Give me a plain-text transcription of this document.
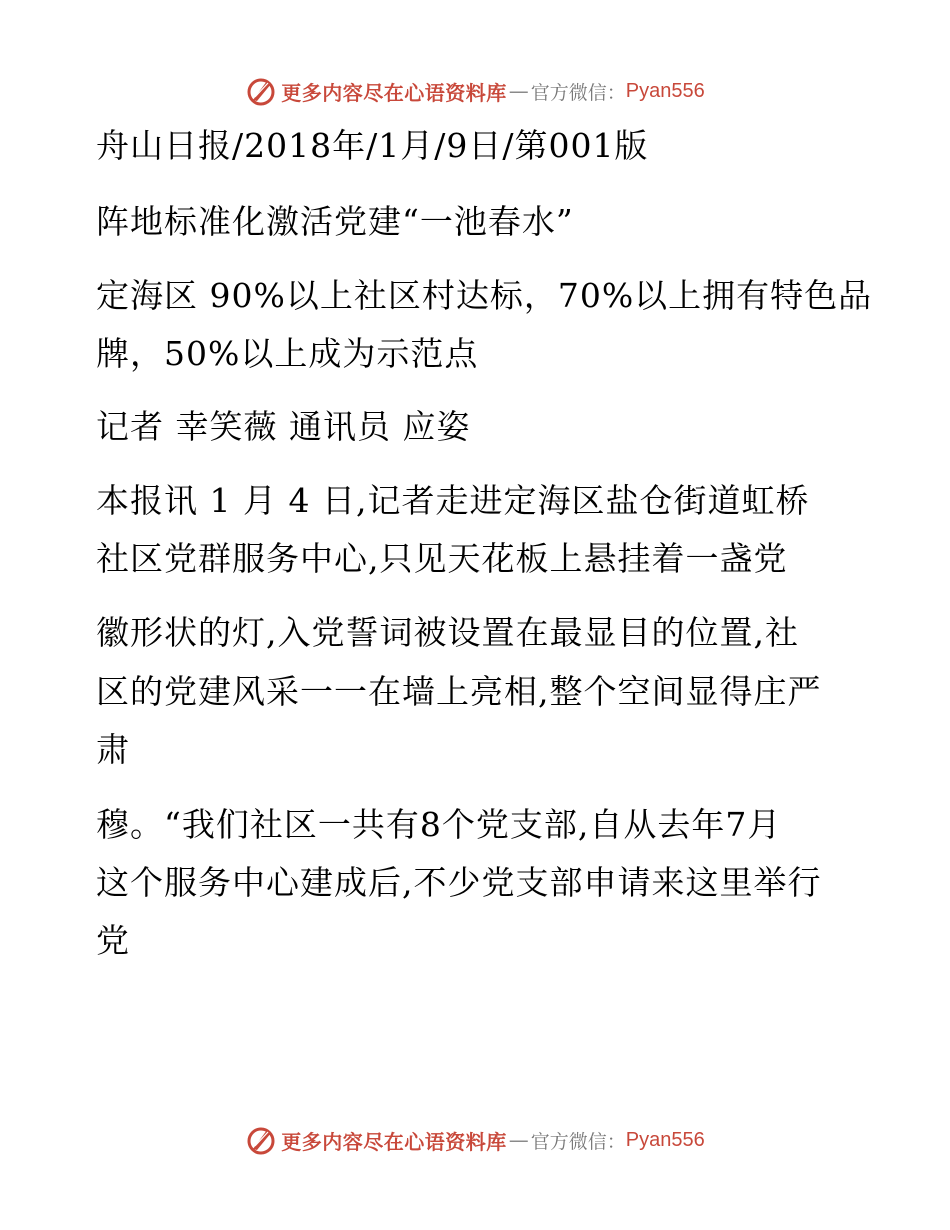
更多内容尽在心语资料库 — 官方微信： Pyan556
舟山日报/2018年/1月/9日/第001版
阵地标准化激活党建“一池春水”
定海区 90%以上社区村达标，70%以上拥有特色品
牌，50%以上成为示范点
记者 幸笑薇 通讯员 应姿
本报讯 1 月 4 日,记者走进定海区盐仓街道虹桥
社区党群服务中心,只见天花板上悬挂着一盏党
徽形状的灯,入党誓词被设置在最显目的位置,社
区的党建风采一一在墙上亮相,整个空间显得庄严
肃
穆。“我们社区一共有8个党支部,自从去年7月
这个服务中心建成后,不少党支部申请来这里举行
党
更多内容尽在心语资料库 — 官方微信： Pyan556
